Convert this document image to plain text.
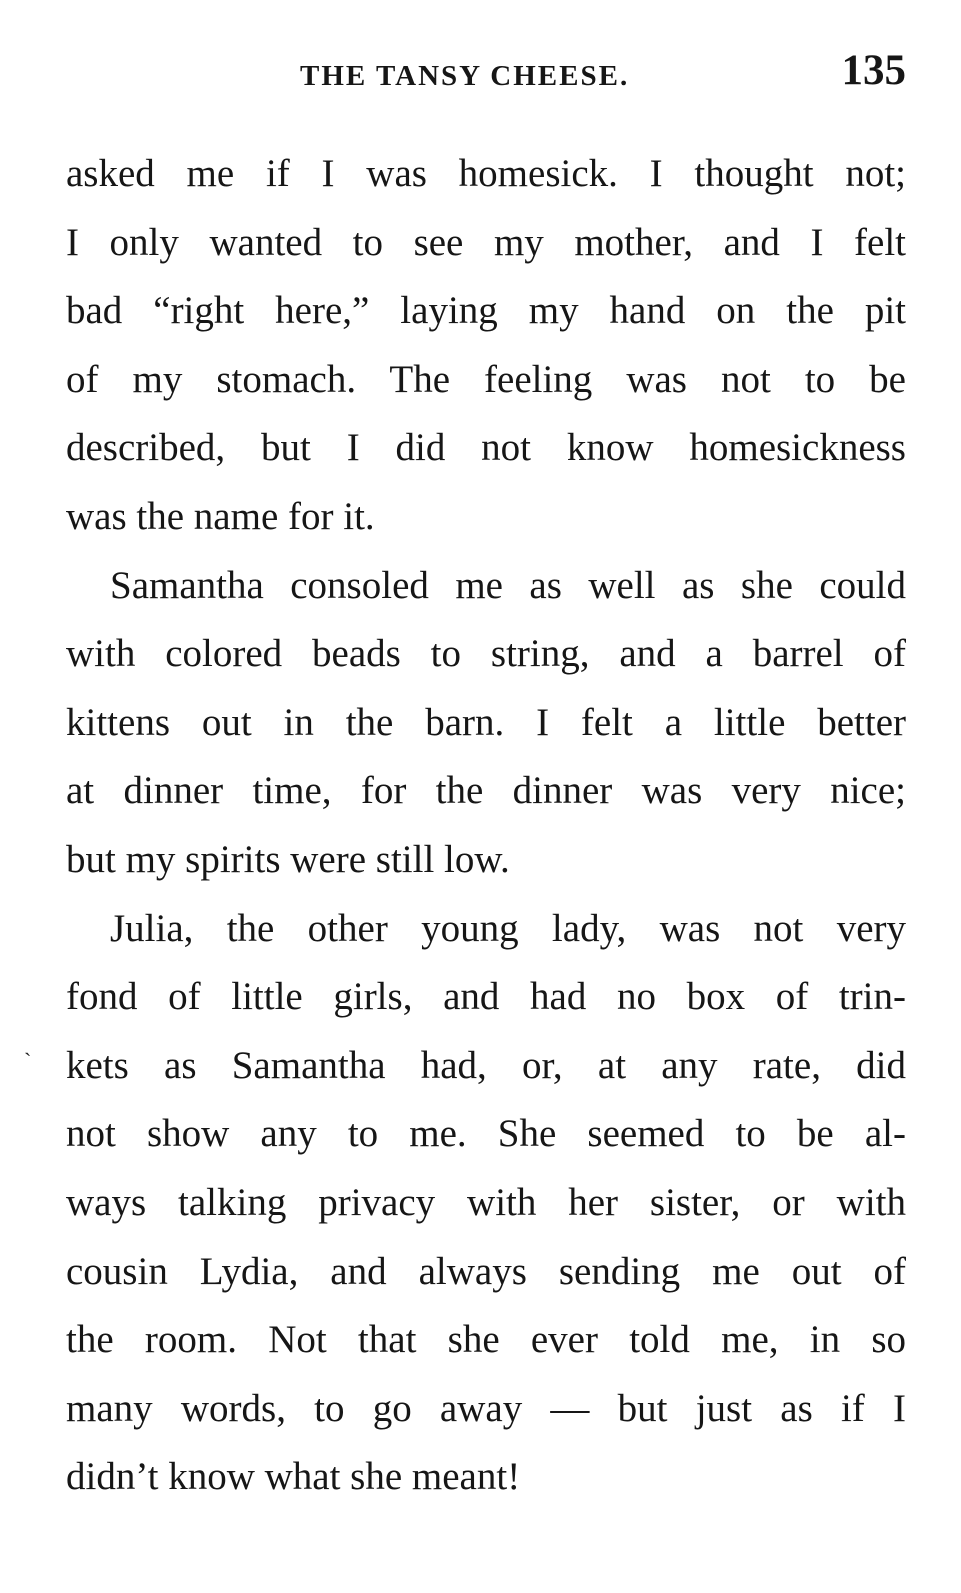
THE TANSY CHEESE.	135

asked me if I was homesick. I thought not;
I only wanted to see my mother, and I felt
bad “right here,” laying my hand on the pit
of my stomach. The feeling was not to be
described, but I did not know homesickness
was the name for it.

Samantha consoled me as well as she could
with colored beads to string, and a barrel of
kittens out in the barn. I felt a little better
at dinner time, for the dinner was very nice;
but my spirits were still low.

Julia, the other young lady, was not very
fond of little girls, and had no box of trin-
kets as Samantha had, or, at any rate, did
not show any to me. She seemed to be al-
ways talking privacy with her sister, or with
cousin Lydia, and always sending me out of
the room. Not that she ever told me, in so
many words, to go away — but just as if I
didn’t know what she meant!

ˎ
